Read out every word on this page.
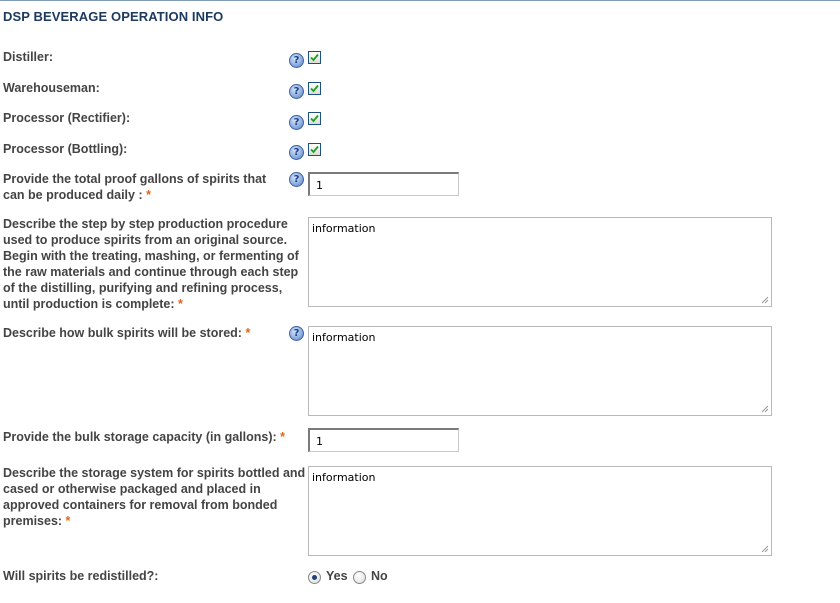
DSP BEVERAGE OPERATION INFO
Distiller:	?
Warehouseman:	?
Processor (Rectifier):	?
Processor (Bottling):	?
Provide the total proof gallons of spirits that can be produced daily : *
?	1
Describe the step by step production procedure used to produce spirits from an original source. Begin with the treating, mashing, or fermenting of the raw materials and continue through each step of the distilling, purifying and refining process, until production is complete: *
information
Describe how bulk spirits will be stored: *	?	information
Provide the bulk storage capacity (in gallons): *	1
Describe the storage system for spirits bottled and cased or otherwise packaged and placed in approved containers for removal from bonded premises: *
information
Will spirits be redistilled?:	Yes No
